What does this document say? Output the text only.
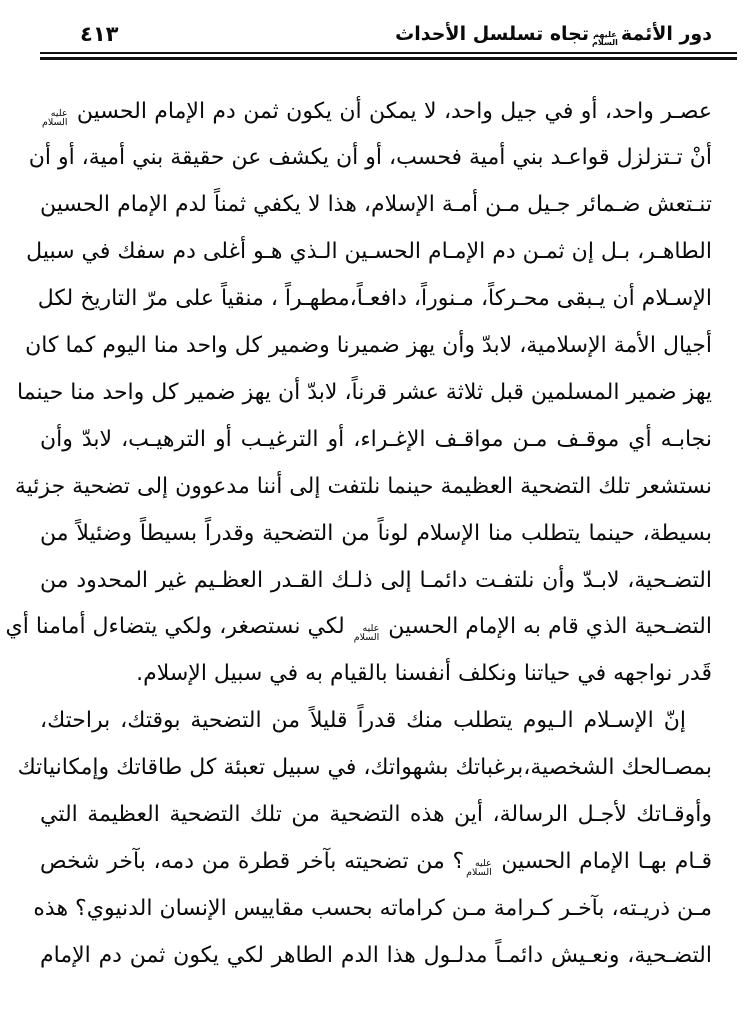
دور الأئمة
عليهم
السلام
تجاه تسلسل الأحداث
٤١٣
عصـر واحد، أو في جيل واحد، لا يمكن أن يكون ثمن دم الإمام الحسين
عليه
السلام
أنْ تـتزلزل قواعـد بني أمية فحسب، أو أن يكشف عن حقيقة بني أمية، أو أن
تنـتعش ضـمائر جـيل مـن أمـة الإسلام، هذا لا يكفي ثمناً لدم الإمام الحسين
الطاهـر، بـل إن ثمـن دم الإمـام الحسـين الـذي هـو أغلى دم سفك في سبيل
الإسـلام أن يـبقى محـركاً، مـنوراً، دافعـاً،مطهـراً ، منقياً على مرّ التاريخ لكل
أجيال الأمة الإسلامية، لابدّ وأن يهز ضميرنا وضمير كل واحد منا اليوم كما كان
يهز ضمير المسلمين قبل ثلاثة عشر قرناً، لابدّ أن يهز ضمير كل واحد منا حينما
نجابـه أي موقـف مـن مواقـف الإغـراء، أو الترغيـب أو الترهيـب، لابدّ وأن
نستشعر تلك التضحية العظيمة حينما نلتفت إلى أننا مدعوون إلى تضحية جزئية
بسيطة، حينما يتطلب منا الإسلام لوناً من التضحية وقدراً بسيطاً وضئيلاً من
التضـحية، لابـدّ وأن نلتفـت دائمـا إلى ذلـك القـدر العظـيم غير المحدود من
التضـحية الذي قام به الإمام الحسين
عليه
السلام
لكي نستصغر، ولكي يتضاءل أمامنا أي
قَدر نواجهه في حياتنا ونكلف أنفسنا بالقيام به في سبيل الإسلام.
إنّ الإسـلام الـيوم يتطلب منك قدراً قليلاً من التضحية بوقتك، براحتك،
بمصـالحك الشخصية،برغباتك بشهواتك، في سبيل تعبئة كل طاقاتك وإمكانياتك
وأوقـاتك لأجـل الرسالة، أين هذه التضحية من تلك التضحية العظيمة التي
قـام بهـا الإمام الحسين
عليه
السلام
؟ من تضحيته بآخر قطرة من دمه، بآخر شخص
مـن ذريـته، بآخـر كـرامة مـن كراماته بحسب مقاييس الإنسان الدنيوي؟ هذه
التضـحية، ونعـيش دائمـاً مدلـول هذا الدم الطاهر لكي يكون ثمن دم الإمام
